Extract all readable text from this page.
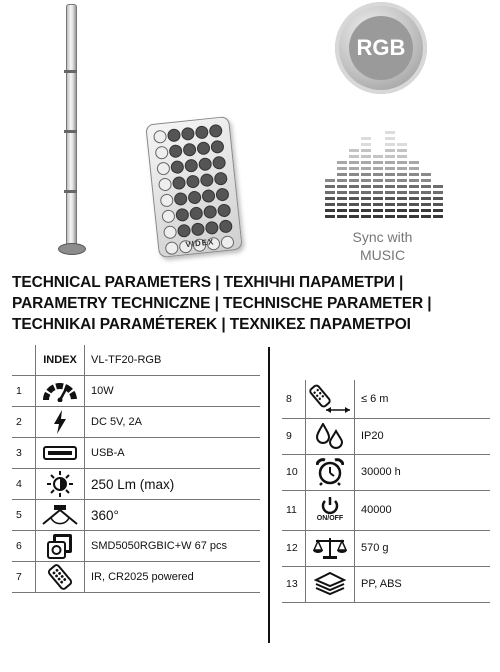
VIDEX
RGB
Sync with
MUSIC
TECHNICAL PARAMETERS | ТЕХНІЧНІ ПАРАМЕТРИ | PARAMETRY TECHNICZNE | TECHNISCHE PARAMETER | TECHNIKAI PARAMÉTEREK | ΤΕΧΝΙΚΕΣ ΠΑΡΑΜΕΤΡΟΙ
	INDEX	VL-TF20-RGB
1		10W
2		DC 5V, 2A
3		USB-A
4		250 Lm (max)
5		360°
6		SMD5050RGBIC+W 67 pcs
7		IR, CR2025 powered
8		≤ 6 m
9		IP20
10		30000 h
11	ON/OFF	40000
12		570 g
13		PP, ABS
